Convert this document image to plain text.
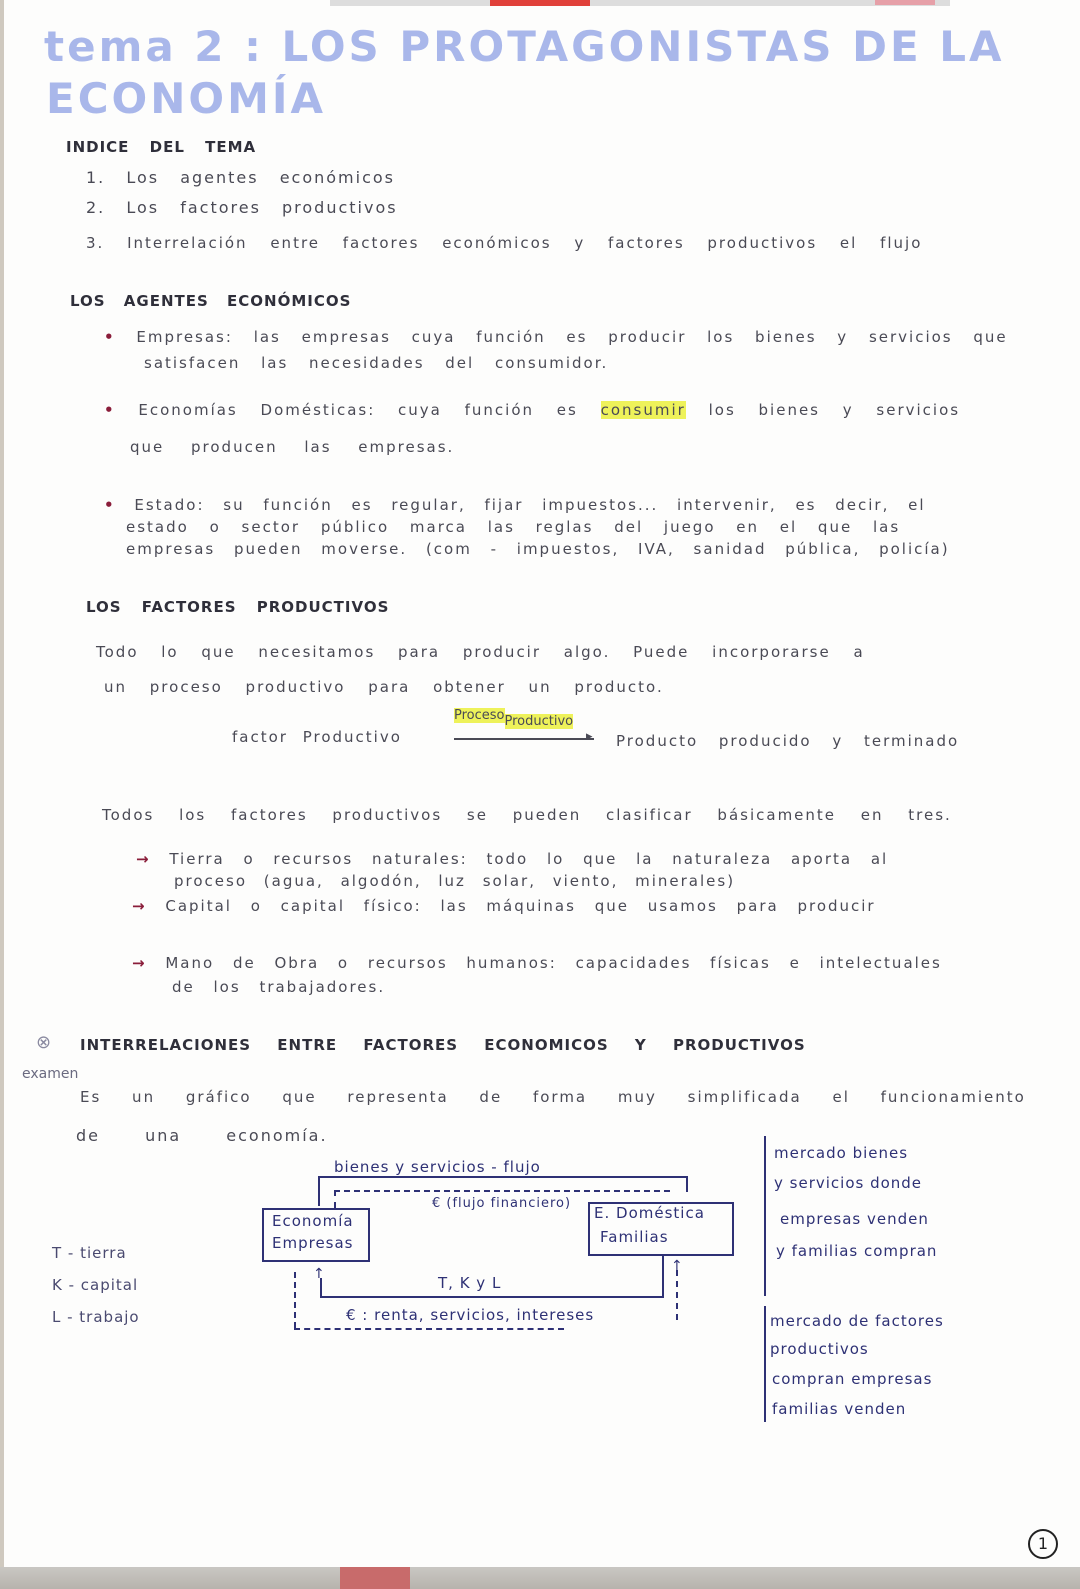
tema 2 : LOS PROTAGONISTAS DE LA
ECONOMÍA
INDICE DEL TEMA
1. Los agentes económicos
2. Los factores productivos
3. Interrelación entre factores económicos y factores productivos el flujo
LOS AGENTES ECONÓMICOS
• Empresas: las empresas cuya función es producir los bienes y servicios que
satisfacen las necesidades del consumidor.
• Economías Domésticas: cuya función es consumir los bienes y servicios
que producen las empresas.
• Estado: su función es regular, fijar impuestos... intervenir, es decir, el
estado o sector público marca las reglas del juego en el que las
empresas pueden moverse. (com - impuestos, IVA, sanidad pública, policía)
LOS FACTORES PRODUCTIVOS
Todo lo que necesitamos para producir algo. Puede incorporarse a
un proceso productivo para obtener un producto.
factor Productivo
ProcesoProductivo
▸ Producto producido y terminado
Todos los factores productivos se pueden clasificar básicamente en tres.
→ Tierra o recursos naturales: todo lo que la naturaleza aporta al
proceso (agua, algodón, luz solar, viento, minerales)
→ Capital o capital físico: las máquinas que usamos para producir
→ Mano de Obra o recursos humanos: capacidades físicas e intelectuales
de los trabajadores.
⊗ INTERRELACIONES ENTRE FACTORES ECONOMICOS Y PRODUCTIVOS
examen
Es un gráfico que representa de forma muy simplificada el funcionamiento
de una economía.
bienes y servicios - flujo
€ (flujo financiero)
Economía
Empresas
E. Doméstica
Familias
↑	T, K y L
↑
€ : renta, servicios, intereses
T - tierra
K - capital
L - trabajo
mercado bienes
y servicios donde
empresas venden
y familias compran
mercado de factores
productivos
compran empresas
familias venden
1
